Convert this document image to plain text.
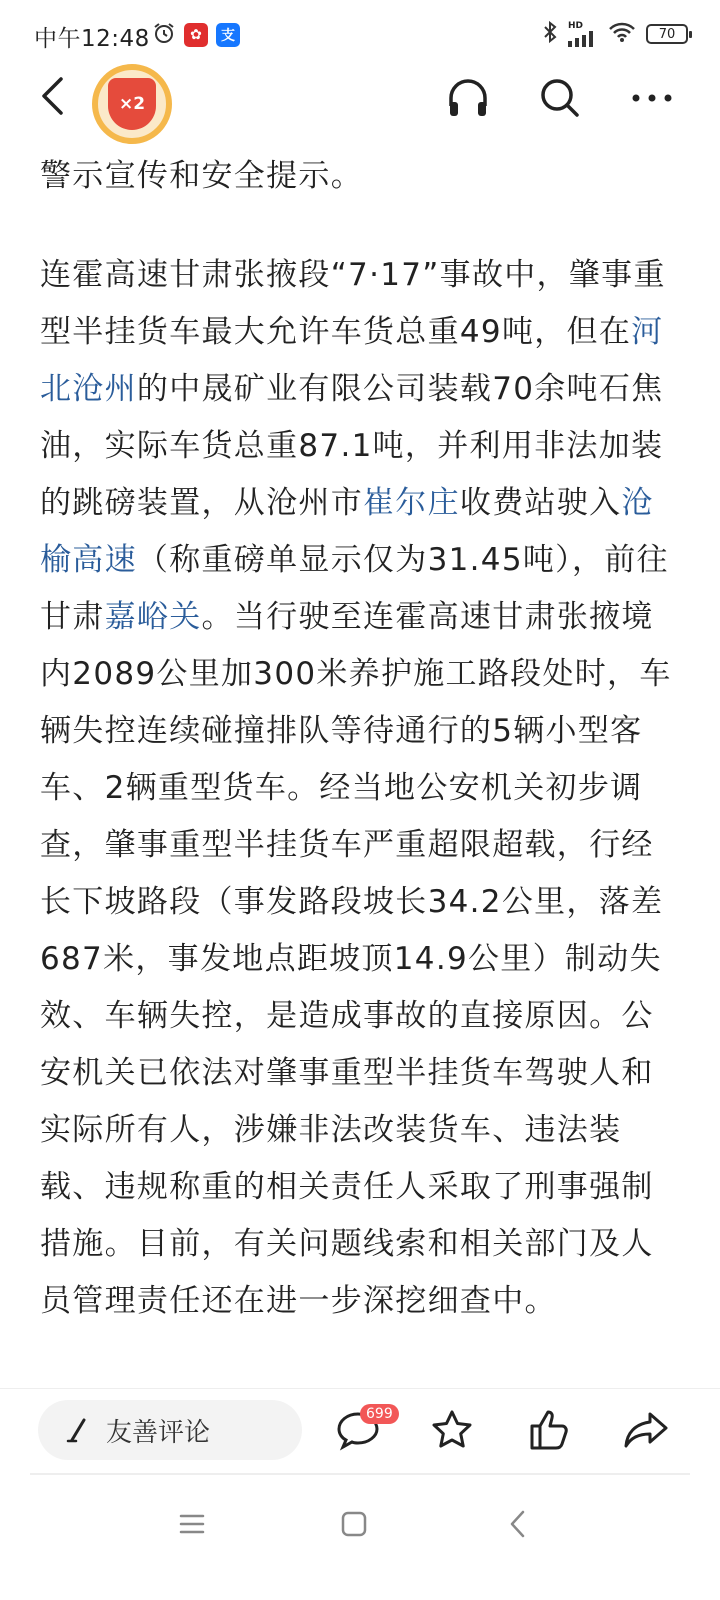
中午12:48	✿	支
HD
70
×2

警示宣传和安全提示。

连霍高速甘肃张掖段“7·17”事故中，肇事重型半挂货车最大允许车货总重49吨，但在河北沧州的中晟矿业有限公司装载70余吨石焦油，实际车货总重87.1吨，并利用非法加装的跳磅装置，从沧州市崔尔庄收费站驶入沧榆高速（称重磅单显示仅为31.45吨），前往甘肃嘉峪关。当行驶至连霍高速甘肃张掖境内2089公里加300米养护施工路段处时，车辆失控连续碰撞排队等待通行的5辆小型客车、2辆重型货车。经当地公安机关初步调查，肇事重型半挂货车严重超限超载，行经长下坡路段（事发路段坡长34.2公里，落差687米，事发地点距坡顶14.9公里）制动失效、车辆失控，是造成事故的直接原因。公安机关已依法对肇事重型半挂货车驾驶人和实际所有人，涉嫌非法改装货车、违法装载、违规称重的相关责任人采取了刑事强制措施。目前，有关问题线索和相关部门及人员管理责任还在进一步深挖细查中。

友善评论
699
